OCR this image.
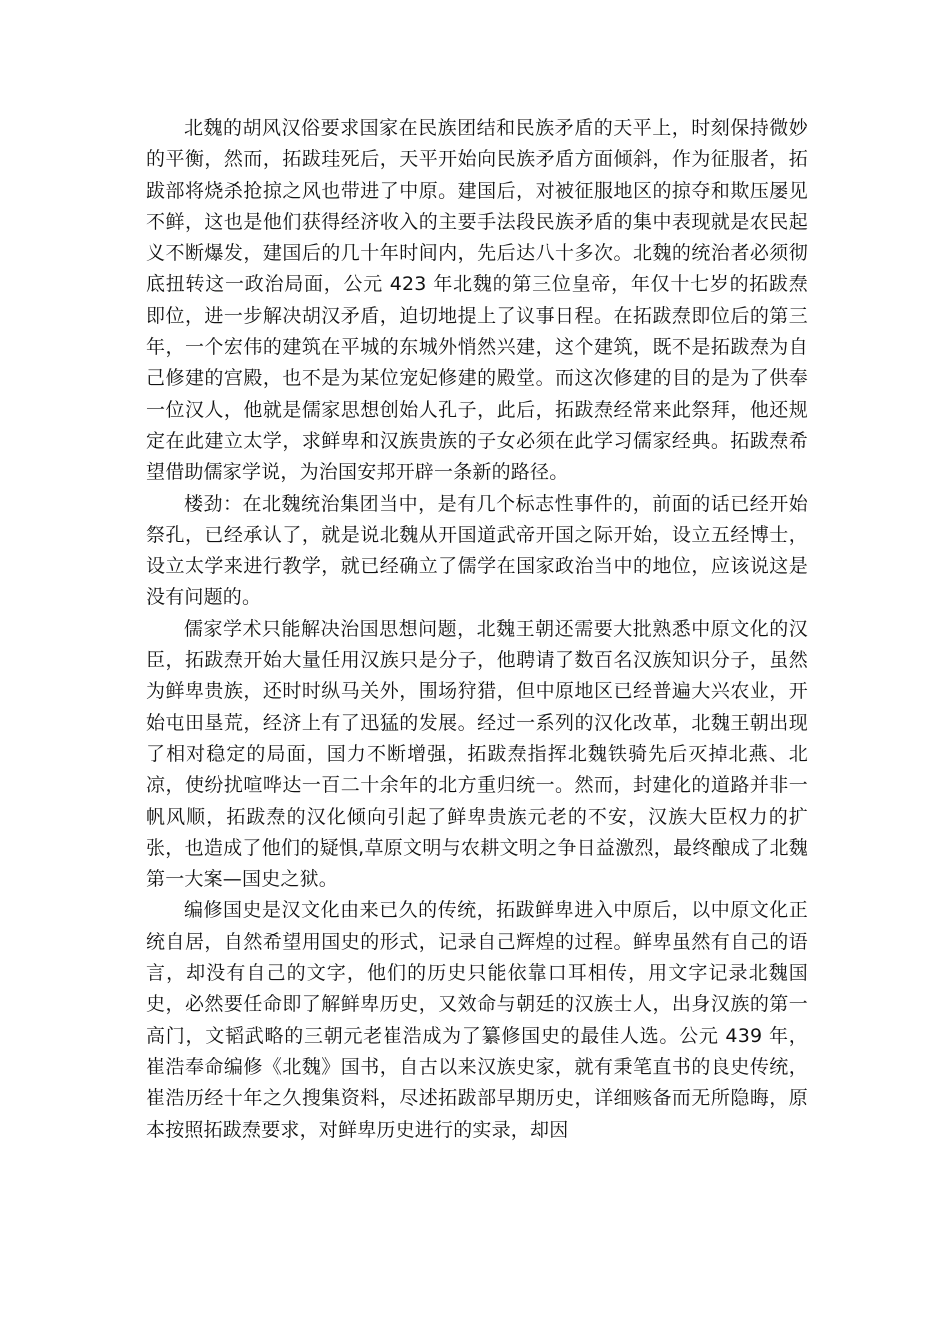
北魏的胡风汉俗要求国家在民族团结和民族矛盾的天平上，时刻保持微妙的平衡，然而，拓跋珪死后，天平开始向民族矛盾方面倾斜，作为征服者，拓跋部将烧杀抢掠之风也带进了中原。建国后，对被征服地区的掠夺和欺压屡见不鲜，这也是他们获得经济收入的主要手法段民族矛盾的集中表现就是农民起义不断爆发，建国后的几十年时间内，先后达八十多次。北魏的统治者必须彻底扭转这一政治局面，公元 423 年北魏的第三位皇帝，年仅十七岁的拓跋焘即位，进一步解决胡汉矛盾，迫切地提上了议事日程。在拓跋焘即位后的第三年，一个宏伟的建筑在平城的东城外悄然兴建，这个建筑，既不是拓跋焘为自己修建的宫殿，也不是为某位宠妃修建的殿堂。而这次修建的目的是为了供奉一位汉人，他就是儒家思想创始人孔子，此后，拓跋焘经常来此祭拜，他还规定在此建立太学，求鲜卑和汉族贵族的子女必须在此学习儒家经典。拓跋焘希望借助儒家学说，为治国安邦开辟一条新的路径。

楼劲：在北魏统治集团当中，是有几个标志性事件的，前面的话已经开始祭孔，已经承认了，就是说北魏从开国道武帝开国之际开始，设立五经博士，设立太学来进行教学，就已经确立了儒学在国家政治当中的地位，应该说这是没有问题的。

儒家学术只能解决治国思想问题，北魏王朝还需要大批熟悉中原文化的汉臣，拓跋焘开始大量任用汉族只是分子，他聘请了数百名汉族知识分子，虽然为鲜卑贵族，还时时纵马关外，围场狩猎，但中原地区已经普遍大兴农业，开始屯田垦荒，经济上有了迅猛的发展。经过一系列的汉化改革，北魏王朝出现了相对稳定的局面，国力不断增强，拓跋焘指挥北魏铁骑先后灭掉北燕、北凉，使纷扰喧哗达一百二十余年的北方重归统一。然而，封建化的道路并非一帆风顺，拓跋焘的汉化倾向引起了鲜卑贵族元老的不安，汉族大臣权力的扩张，也造成了他们的疑惧,草原文明与农耕文明之争日益激烈，最终酿成了北魏第一大案—国史之狱。

编修国史是汉文化由来已久的传统，拓跋鲜卑进入中原后，以中原文化正统自居，自然希望用国史的形式，记录自己辉煌的过程。鲜卑虽然有自己的语言，却没有自己的文字，他们的历史只能依靠口耳相传，用文字记录北魏国史，必然要任命即了解鲜卑历史，又效命与朝廷的汉族士人，出身汉族的第一高门，文韬武略的三朝元老崔浩成为了纂修国史的最佳人选。公元 439 年，崔浩奉命编修《北魏》国书，自古以来汉族史家，就有秉笔直书的良史传统，崔浩历经十年之久搜集资料，尽述拓跋部早期历史，详细赅备而无所隐晦，原本按照拓跋焘要求，对鲜卑历史进行的实录，却因
